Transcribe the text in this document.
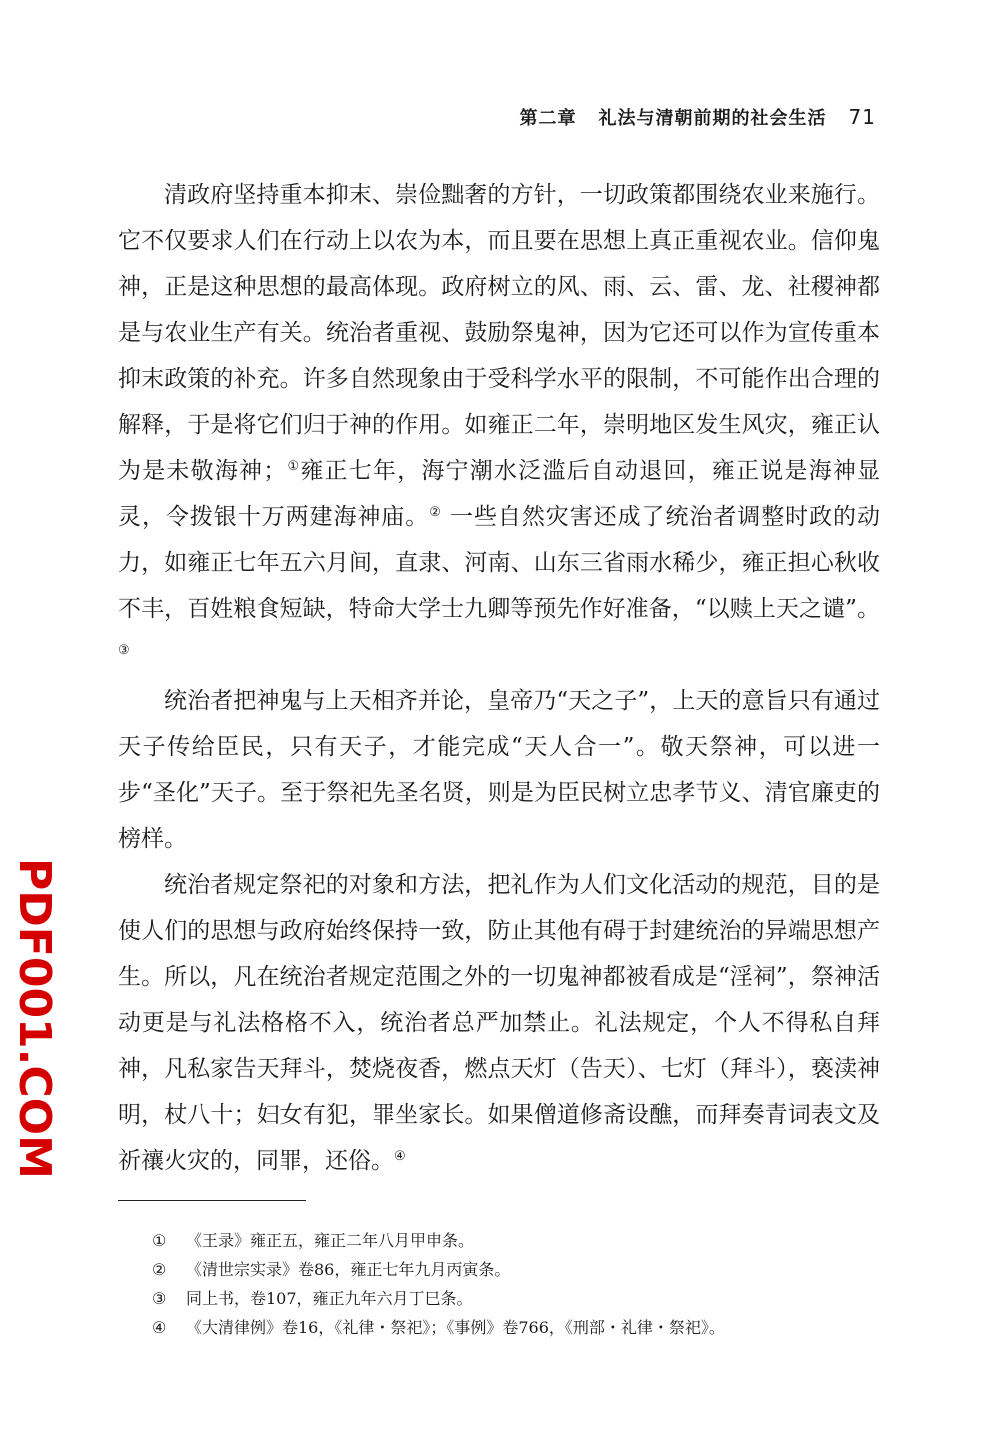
第二章 礼法与清朝前期的社会生活 71

清政府坚持重本抑末、崇俭黜奢的方针，一切政策都围绕农业来施行。它不仅要求人们在行动上以农为本，而且要在思想上真正重视农业。信仰鬼神，正是这种思想的最高体现。政府树立的风、雨、云、雷、龙、社稷神都是与农业生产有关。统治者重视、鼓励祭鬼神，因为它还可以作为宣传重本抑末政策的补充。许多自然现象由于受科学水平的限制，不可能作出合理的解释，于是将它们归于神的作用。如雍正二年，崇明地区发生风灾，雍正认为是未敬海神；①雍正七年，海宁潮水泛滥后自动退回，雍正说是海神显灵，令拨银十万两建海神庙。② 一些自然灾害还成了统治者调整时政的动力，如雍正七年五六月间，直隶、河南、山东三省雨水稀少，雍正担心秋收不丰，百姓粮食短缺，特命大学士九卿等预先作好准备，“以赎上天之谴”。③

统治者把神鬼与上天相齐并论，皇帝乃“天之子”，上天的意旨只有通过天子传给臣民，只有天子，才能完成“天人合一”。敬天祭神，可以进一步“圣化”天子。至于祭祀先圣名贤，则是为臣民树立忠孝节义、清官廉吏的榜样。

统治者规定祭祀的对象和方法，把礼作为人们文化活动的规范，目的是使人们的思想与政府始终保持一致，防止其他有碍于封建统治的异端思想产生。所以，凡在统治者规定范围之外的一切鬼神都被看成是“淫祠”，祭神活动更是与礼法格格不入，统治者总严加禁止。礼法规定，个人不得私自拜神，凡私家告天拜斗，焚烧夜香，燃点天灯（告天）、七灯（拜斗），亵渎神明，杖八十；妇女有犯，罪坐家长。如果僧道修斋设醮，而拜奏青词表文及祈禳火灾的，同罪，还俗。④

① 《王录》雍正五，雍正二年八月甲申条。
② 《清世宗实录》卷86，雍正七年九月丙寅条。
③ 同上书，卷107，雍正九年六月丁巳条。
④ 《大清律例》卷16，《礼律・祭祀》；《事例》卷766，《刑部・礼律・祭祀》。
PDF001.COM
